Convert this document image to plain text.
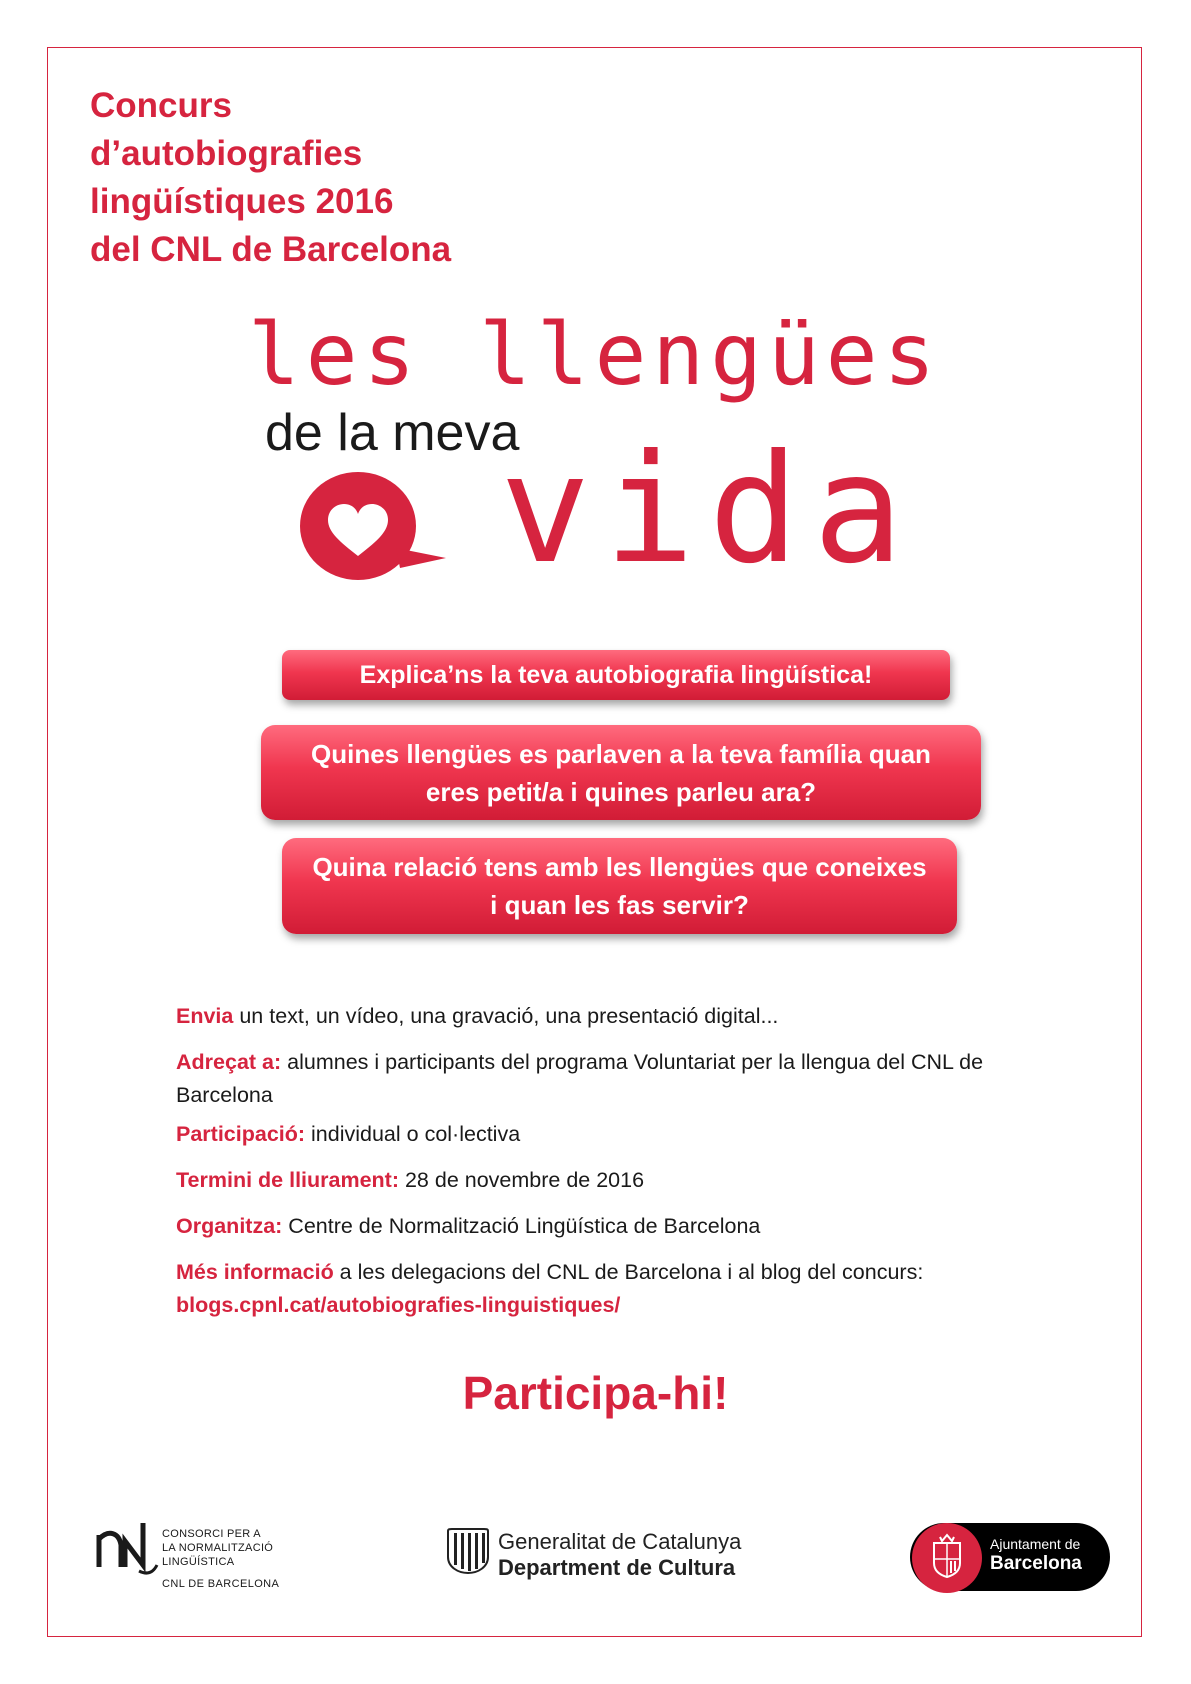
Concurs
d’autobiografies
lingüístiques 2016
del CNL de Barcelona
les llengües
de la meva
vida
Explica’ns la teva autobiografia lingüística!
Quines llengües es parlaven a la teva família quan eres petit/a i quines parleu ara?
Quina relació tens amb les llengües que coneixes i quan les fas servir?
Envia un text, un vídeo, una gravació, una presentació digital...
Adreçat a: alumnes i participants del programa Voluntariat per la llengua del CNL de Barcelona
Participació: individual o col·lectiva
Termini de lliurament: 28 de novembre de 2016
Organitza: Centre de Normalització Lingüística de Barcelona
Més informació a les delegacions del CNL de Barcelona i al blog del concurs:
blogs.cpnl.cat/autobiografies-linguistiques/
Participa-hi!
CONSORCI PER A
LA NORMALITZACIÓ
LINGÜÍSTICA
CNL DE BARCELONA
Generalitat de Catalunya
Department de Cultura
Ajuntament de
Barcelona
